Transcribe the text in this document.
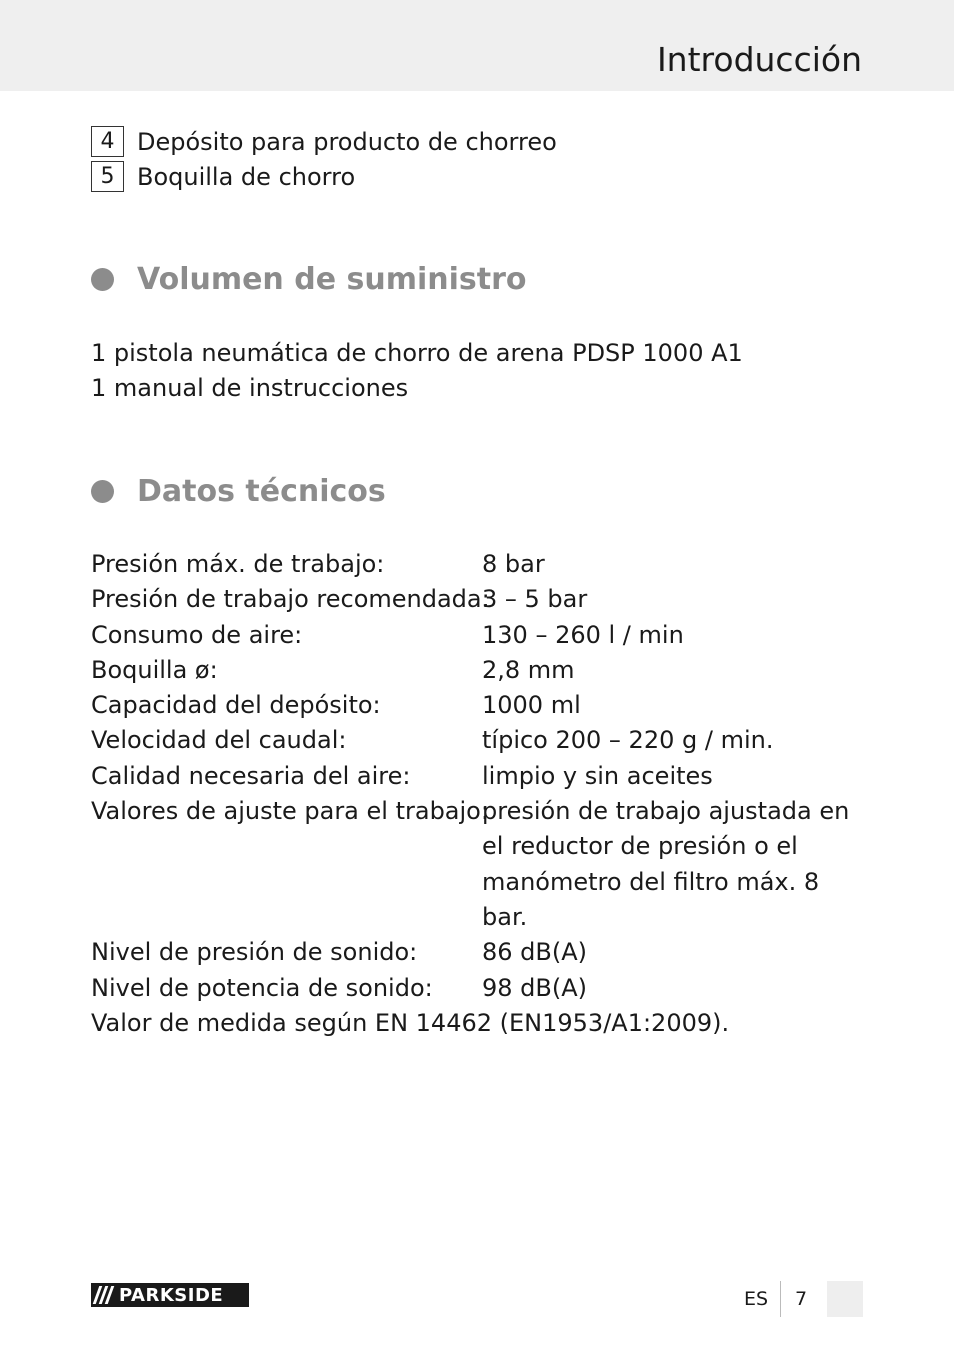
Introducción
4 Depósito para producto de chorreo
5 Boquilla de chorro
Volumen de suministro
1 pistola neumática de chorro de arena PDSP 1000 A1
1 manual de instrucciones
Datos técnicos
Presión máx. de trabajo:	8 bar
Presión de trabajo recomendada:
3 – 5 bar
Consumo de aire:	130 – 260 l / min
Boquilla ø:	2,8 mm
Capacidad del depósito:	1000 ml
Velocidad del caudal:	típico 200 – 220 g / min.
Calidad necesaria del aire:	limpio y sin aceites
Valores de ajuste para el trabajo:
presión de trabajo ajustada en el reductor de presión o el manómetro del filtro máx. 8 bar.
Nivel de presión de sonido:	86 dB(A)
Nivel de potencia de sonido:	98 dB(A)
Valor de medida según EN 14462 (EN1953/A1:2009).
PARKSIDE	ES 7
